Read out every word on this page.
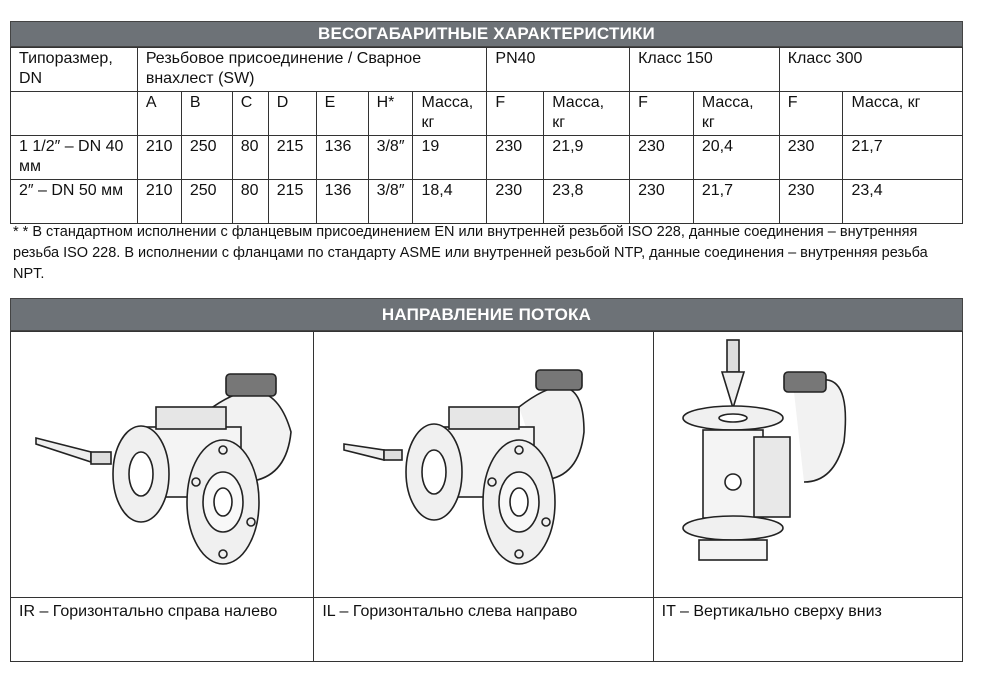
ВЕСОГАБАРИТНЫЕ ХАРАКТЕРИСТИКИ
Типоразмер, DN	Резьбовое присоединение / Сварное внахлест (SW)							PN40		Класс 150		Класс 300	
	A	B	C	D	E	H*	Масса, кг	F	Масса, кг	F	Масса, кг	F	Масса, кг
1 1/2″ – DN 40 мм	210	250	80	215	136	3/8″	19	230	21,9	230	20,4	230	21,7
2″ – DN 50 мм	210	250	80	215	136	3/8″	18,4	230	23,8	230	21,7	230	23,4
* * В стандартном исполнении с фланцевым присоединением EN или внутренней резьбой ISO 228, данные соединения – внутренняя резьба ISO 228. В исполнении с фланцами по стандарту ASME или внутренней резьбой NTP, данные соединения – внутренняя резьба NPT.
НАПРАВЛЕНИЕ ПОТОКА
IR – Горизонтально справа налево	IL – Горизонтально слева направо	IT – Вертикально сверху вниз
